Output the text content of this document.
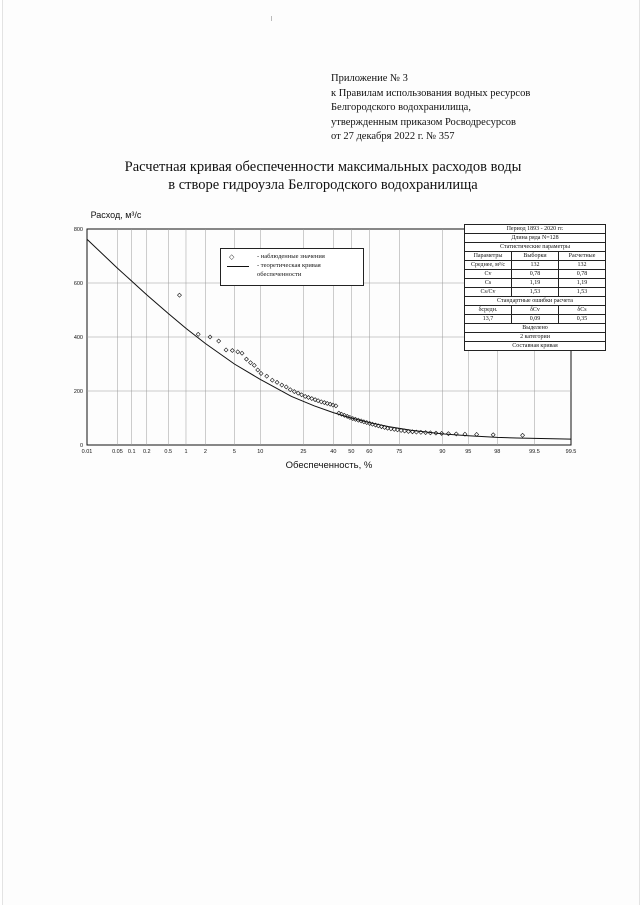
Приложение № 3
к Правилам использования водных ресурсов
Белгородского водохранилища,
утвержденным приказом Росводресурсов
от 27 декабря 2022 г. № 357
Расчетная кривая обеспеченности максимальных расходов воды
в створе гидроузла Белгородского водохранилища
0.01	0.05 0.1 0.2	0.5 1	2	5	10	25	40 50 60	75	90	95	98	99.5	99.5
0
200
400
600
800
Расход, м³/с
Обеспеченность, %
◇	- наблюденные значения
- теоретическая кривая
обеспеченности
Период 1893 - 2020 гг.
Длина ряда N=128
Статистические параметры
Параметры	Выборки	Расчетные
Среднее, м³/с	132	132
Cv	0,78	0,78
Cs	1,19	1,19
Cs/Cv	1,53	1,53
Стандартные ошибки расчета
δсредн.	δCv	δCs
13,7	0,09	0,35
Выделено
2 категории
Составная кривая
